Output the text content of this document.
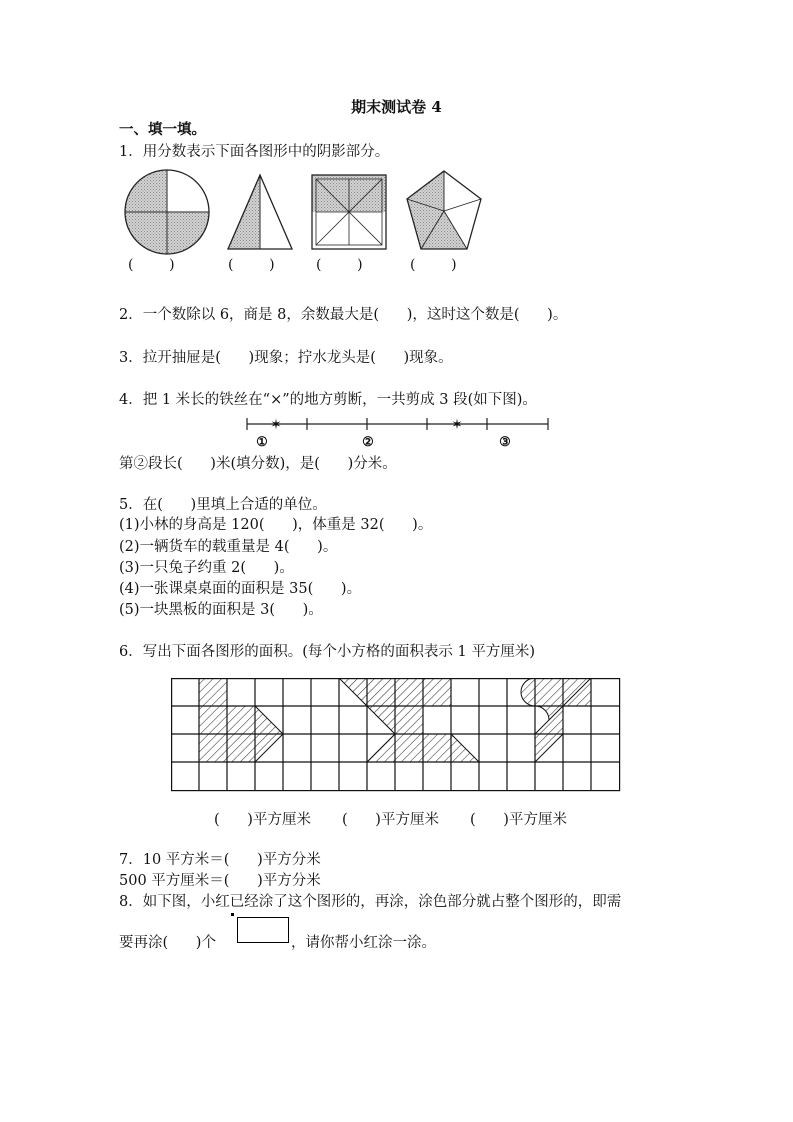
期末测试卷 4
一、填一填。
1．用分数表示下面各图形中的阴影部分。
(        )	(        )	(        )	(        )
2．一个数除以 6，商是 8，余数最大是(      )，这时这个数是(      )。
3．拉开抽屉是(      )现象；拧水龙头是(      )现象。
4．把 1 米长的铁丝在“×”的地方剪断，一共剪成 3 段(如下图)。
✶	✶
①	②	③
第②段长(      )米(填分数)，是(      )分米。
5．在(      )里填上合适的单位。
(1)小林的身高是 120(      )，体重是 32(      )。
(2)一辆货车的载重量是 4(      )。
(3)一只兔子约重 2(      )。
(4)一张课桌桌面的面积是 35(      )。
(5)一块黑板的面积是 3(      )。
6．写出下面各图形的面积。(每个小方格的面积表示 1 平方厘米)
(      )平方厘米 (      )平方厘米 (      )平方厘米
7．10 平方米＝(      )平方分米
500 平方厘米＝(      )平方分米
8．如下图，小红已经涂了这个图形的，再涂，涂色部分就占整个图形的，即需
要再涂(      )个	，请你帮小红涂一涂。
